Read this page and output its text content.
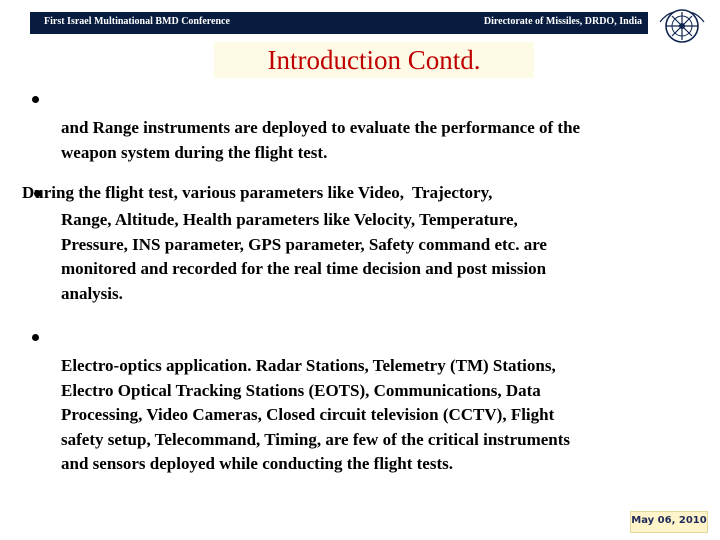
First Israel Multinational BMD Conference	Directorate of Missiles, DRDO, India
Introduction Contd.
and Range instruments are deployed to evaluate the performance of the
weapon system during the flight test.
During the flight test, various parameters like Video, Trajectory,
Range, Altitude, Health parameters like Velocity, Temperature,
Pressure, INS parameter, GPS parameter, Safety command etc. are
monitored and recorded for the real time decision and post mission
analysis.
Electro-optics application. Radar Stations, Telemetry (TM) Stations,
Electro Optical Tracking Stations (EOTS), Communications, Data
Processing, Video Cameras, Closed circuit television (CCTV), Flight
safety setup, Telecommand, Timing, are few of the critical instruments
and sensors deployed while conducting the flight tests.
May 06, 2010
